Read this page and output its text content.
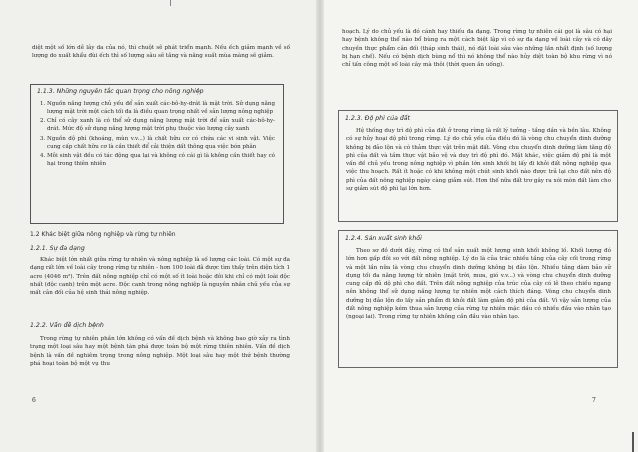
diệt một số lớn dễ lây da của nó, thì chuột sẽ phát triển mạnh. Nếu ếch giảm mạnh về số lượng do xuất khẩu đùi ếch thì số lượng sâu sẽ tăng và năng suất mùa màng sẽ giảm.

1.1.3. Những nguyên tắc quan trọng cho nông nghiệp
1. Nguồn năng lượng chủ yếu để sản xuất các-bô-hy-drát là mặt trời. Sử dụng năng lượng mặt trời một cách tối đa là điều quan trọng nhất về sản lượng nông nghiệp
2. Chỉ có cây xanh là có thể sử dụng năng lượng mặt trời để sản xuất các-bô-hy-drát. Mức độ sử dụng năng lượng mặt trời phụ thuộc vào lượng cây xanh
3. Nguồn dộ phì (khoáng, mùn v.v...) là chất hữu cơ có chứa các vi sinh vật. Việc cung cấp chất hữu cơ là cần thiết để cải thiện dất thông qua việc bón phân
4. Mỗi sinh vật đều có tác động qua lại và không có cái gì là không cần thiết hay có hại trong thiên nhiên

1.2 Khác biệt giữa nông nghiệp và rừng tự nhiên

1.2.1. Sự đa dạng

Khác biệt lớn nhất giữa rừng tự nhiên và nông nghiệp là số lượng các loài. Có một sự đa dạng rất lớn về loài cây trong rừng tự nhiên - hơn 100 loài đã được tìm thấy trên diện tích 1 acre (4046 m²). Trên đất nông nghiệp chỉ có một số ít loài hoặc đôi khi chỉ có một loài độc nhất (độc canh) trên một acre. Độc canh trong nông nghiệp là nguyên nhân chủ yếu của sự mất cân đối của hệ sinh thái nông nghiệp.

1.2.2. Vấn đề dịch bệnh

Trong rừng tự nhiên phần lớn không có vấn đề dịch bệnh và không bao giờ xảy ra tình trạng một loại sâu hay một bệnh tàn phá được toàn bộ một rừng thiên nhiên. Vấn đề dịch bệnh là vấn đề nghiêm trọng trong nông nghiệp. Một loại sâu hay một thứ bệnh thường phá hoại toàn bộ một vụ thu

6

hoạch. Lý do chủ yếu là đó cánh hay thiếu đa dạng. Trong rừng tự nhiên cái gọi là sâu có hại hay bệnh không thể nào bổ bùng ra một cách biệt lập vì có sự đa dạng về loài cây và có dây chuyền thực phẩm cân đối (tháp sinh thái), nó đặt loài sâu vào những lần nhất định (số lượng bị hạn chế). Nếu có bệnh dịch bùng nổ thì nó không thể nào hủy diệt toàn bộ khu rừng vì nó chỉ tấn công một số loài cây mà thôi (thời quen ăn uống).

1.2.3. Độ phì của đất

Hệ thống duy trì dộ phì của đất ở trong rừng là rất lý tưởng - tầng dần và bền lâu. Không có sự hủy hoại dộ phì trong rừng. Lý do chủ yếu của điều đó là vòng chu chuyển dinh dưỡng không bị đảo lộn và có thảm thực vật trên mặt đất. Vòng chu chuyển dinh dưỡng làm tăng độ phì của đất và tầm thực vật bảo vệ và duy trì độ phì đó. Mặt khác, việc giảm độ phì là một vấn đề chủ yếu trong nông nghiệp vì phần lớn sinh khối bị lấy đi khỏi đất nông nghiệp qua việc thu hoạch. Rất ít hoặc có khi không một chút sinh khối nào được trả lại cho đất nên độ phì của đất nông nghiệp ngày càng giảm sút. Hơn thế nữa đất trơ gây ra xói mòn đất làm cho sự giảm sút độ phì lại lớn hơn.

1.2.4. Sản xuất sinh khối

Theo sơ đồ dưới đây, rừng có thể sản xuất một lượng sinh khối không lồ. Khối lượng đó lớn hơn gấp đôi so với đất nông nghiệp. Lý do là của trác nhiều tầng của cây cối trong rừng và một lần nữa là vòng chu chuyển dinh dưỡng không bị đảo lộn. Nhiều tầng dàm bảo sử dụng tối đa năng lượng từ nhiên (mặt trời, mưa, gió v.v...) và vòng chu chuyển dinh dưỡng cung cấp đủ dộ phì cho đất. Trên đất nông nghiệp của trúc của cây có lẽ theo chiều ngang nên không thể sử dụng năng lượng tự nhiên một cách thích đáng. Vòng chu chuyển dinh dưỡng bị đảo lộn do lấy sản phẩm đi khỏi đất làm giảm độ phì của đất. Vì vậy sản lượng của đất nông nghiệp kém thua sản lượng của rừng tự nhiên mặc dầu có nhiều đầu vào nhân tạo (ngoại lai). Trong rừng tự nhiên không cần đầu vào nhân tạo.

7
